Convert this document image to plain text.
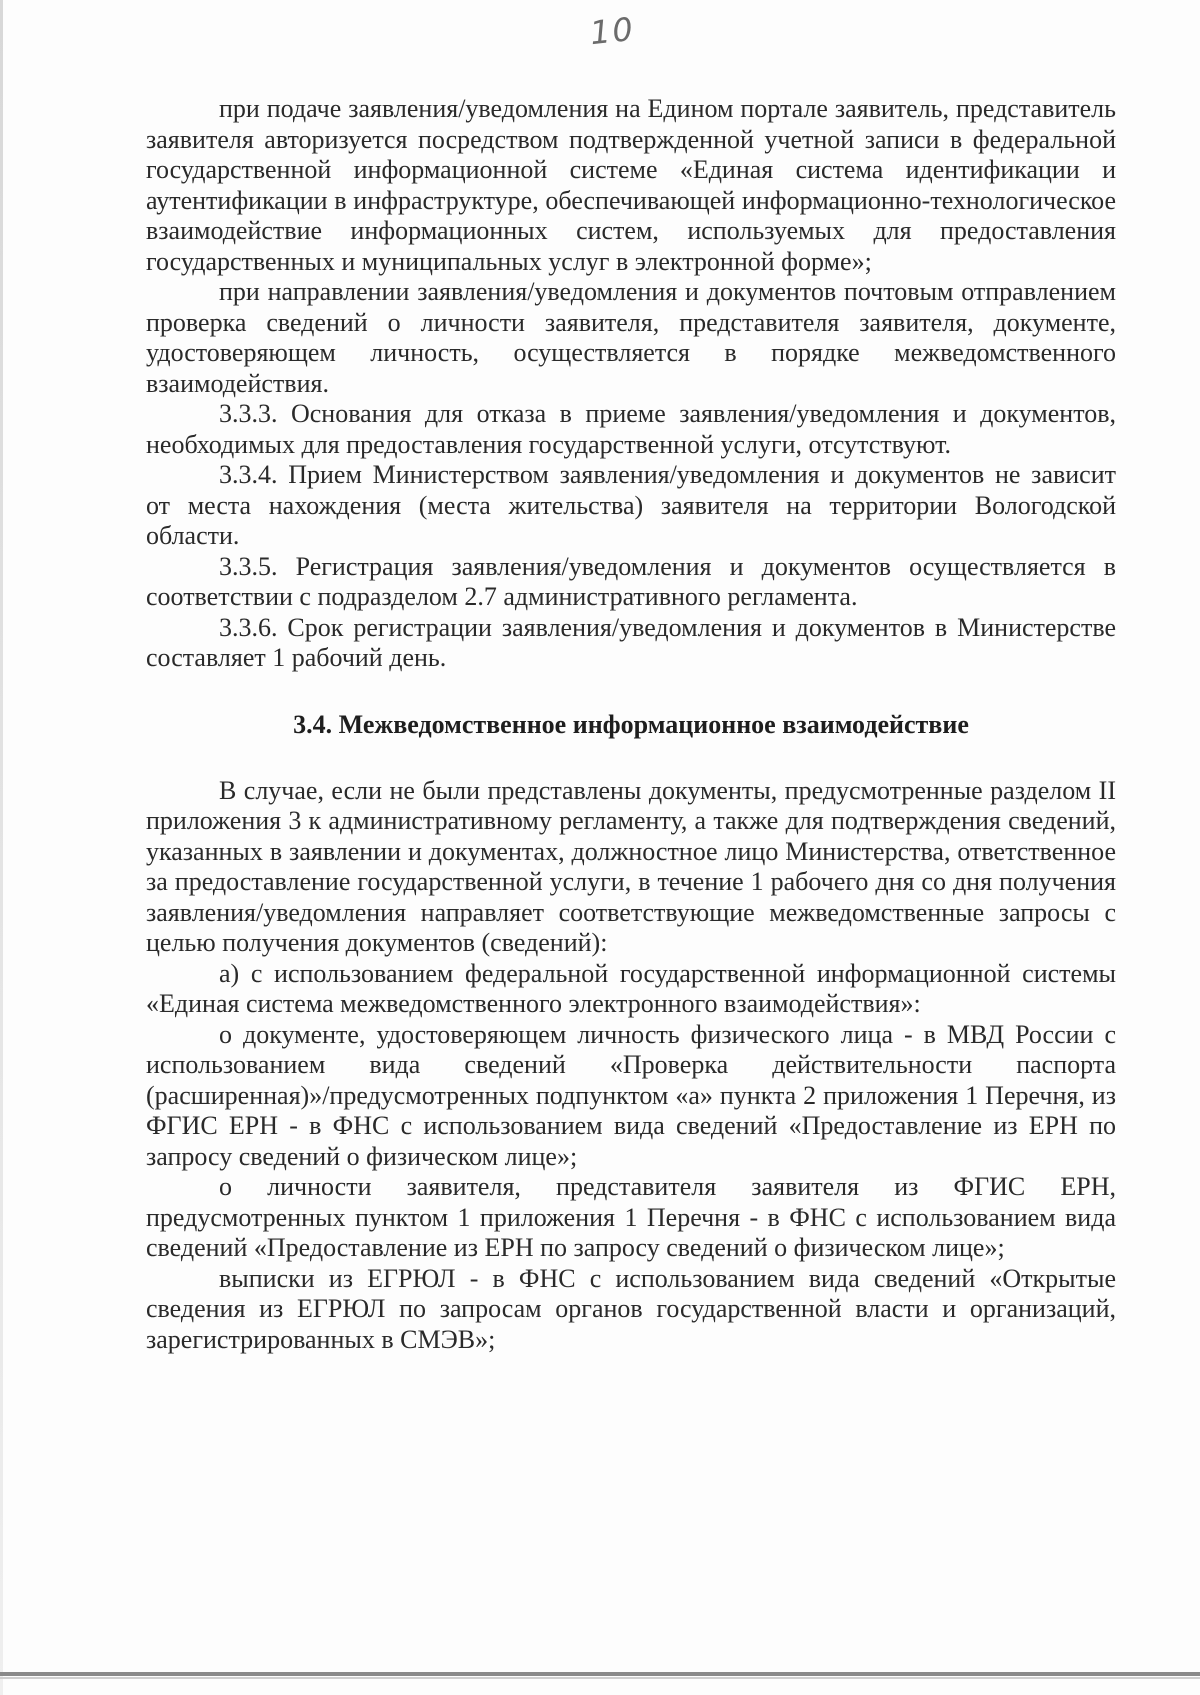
10

при подаче заявления/уведомления на Едином портале заявитель, представитель заявителя авторизуется посредством подтвержденной учетной записи в федеральной государственной информационной системе «Единая система идентификации и аутентификации в инфраструктуре, обеспечивающей информационно-технологическое взаимодействие информационных систем, используемых для предоставления государственных и муниципальных услуг в электронной форме»;

при направлении заявления/уведомления и документов почтовым отправлением проверка сведений о личности заявителя, представителя заявителя, документе, удостоверяющем личность, осуществляется в порядке межведомственного взаимодействия.

3.3.3. Основания для отказа в приеме заявления/уведомления и документов, необходимых для предоставления государственной услуги, отсутствуют.

3.3.4. Прием Министерством заявления/уведомления и документов не зависит от места нахождения (места жительства) заявителя на территории Вологодской области.

3.3.5. Регистрация заявления/уведомления и документов осуществляется в соответствии с подразделом 2.7 административного регламента.

3.3.6. Срок регистрации заявления/уведомления и документов в Министерстве составляет 1 рабочий день.

3.4. Межведомственное информационное взаимодействие

В случае, если не были представлены документы, предусмотренные разделом II приложения 3 к административному регламенту, а также для подтверждения сведений, указанных в заявлении и документах, должностное лицо Министерства, ответственное за предоставление государственной услуги, в течение 1 рабочего дня со дня получения заявления/уведомления направляет соответствующие межведомственные запросы с целью получения документов (сведений):

а) с использованием федеральной государственной информационной системы «Единая система межведомственного электронного взаимодействия»:

о документе, удостоверяющем личность физического лица - в МВД России с использованием вида сведений «Проверка действительности паспорта (расширенная)»/предусмотренных подпунктом «а» пункта 2 приложения 1 Перечня, из ФГИС ЕРН - в ФНС с использованием вида сведений «Предоставление из ЕРН по запросу сведений о физическом лице»;

о личности заявителя, представителя заявителя из ФГИС ЕРН, предусмотренных пунктом 1 приложения 1 Перечня - в ФНС с использованием вида сведений «Предоставление из ЕРН по запросу сведений о физическом лице»;

выписки из ЕГРЮЛ - в ФНС с использованием вида сведений «Открытые сведения из ЕГРЮЛ по запросам органов государственной власти и организаций, зарегистрированных в СМЭВ»;
